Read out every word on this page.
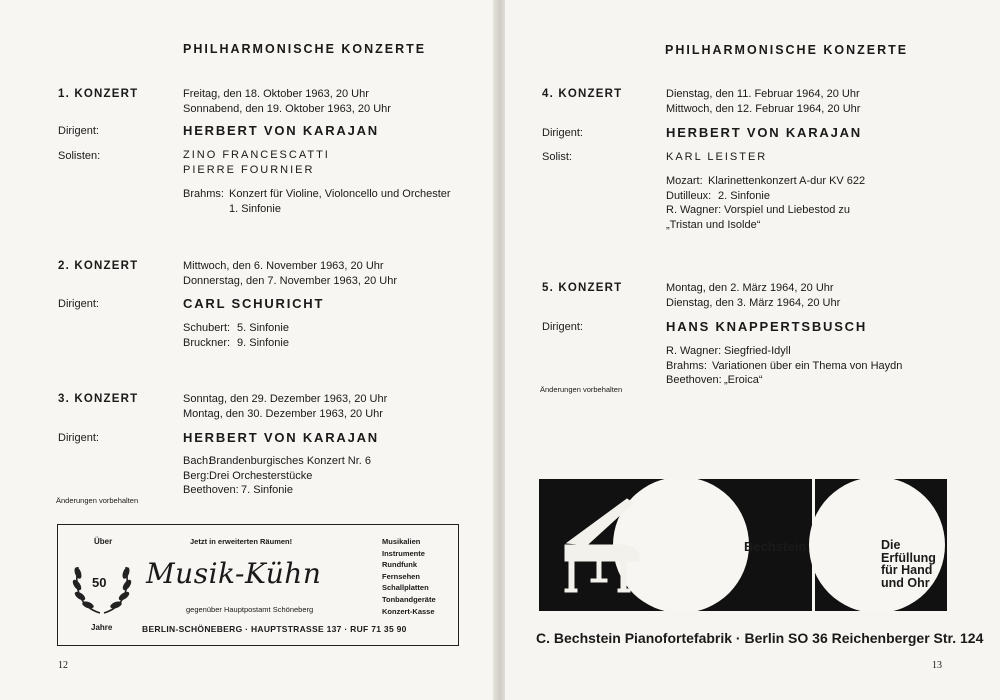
PHILHARMONISCHE KONZERTE
1. KONZERT	Freitag, den 18. Oktober 1963, 20 Uhr
Sonnabend, den 19. Oktober 1963, 20 Uhr
Dirigent:	HERBERT VON KARAJAN
Solisten:	ZINO FRANCESCATTI
PIERRE FOURNIER
Brahms: Konzert für Violine, Violoncello und Orchester
1. Sinfonie
2. KONZERT	Mittwoch, den 6. November 1963, 20 Uhr
Donnerstag, den 7. November 1963, 20 Uhr
Dirigent:	CARL SCHURICHT
Schubert: 5. Sinfonie
Bruckner: 9. Sinfonie
3. KONZERT	Sonntag, den 29. Dezember 1963, 20 Uhr
Montag, den 30. Dezember 1963, 20 Uhr
Dirigent:	HERBERT VON KARAJAN
Bach:Brandenburgisches Konzert Nr. 6
Berg:Drei Orchesterstücke
Beethoven: 7. Sinfonie
Änderungen vorbehalten
Über
50
Jahre
Jetzt in erweiterten Räumen!
Musik-Kühn
gegenüber Hauptpostamt Schöneberg
BERLIN-SCHÖNEBERG · HAUPTSTRASSE 137 · RUF 71 35 90
Musikalien
Instrumente
Rundfunk
Fernsehen
Schallplatten
Tonbandgeräte
Konzert-Kasse
12
PHILHARMONISCHE KONZERTE
4. KONZERT	Dienstag, den 11. Februar 1964, 20 Uhr
Mittwoch, den 12. Februar 1964, 20 Uhr
Dirigent:	HERBERT VON KARAJAN
Solist:	KARL LEISTER
Mozart: Klarinettenkonzert A-dur KV 622
Dutilleux: 2. Sinfonie
R. Wagner: Vorspiel und Liebestod zu
„Tristan und Isolde“
5. KONZERT	Montag, den 2. März 1964, 20 Uhr
Dienstag, den 3. März 1964, 20 Uhr
Dirigent:	HANS KNAPPERTSBUSCH
R. Wagner: Siegfried-Idyll
Brahms: Variationen über ein Thema von Haydn
Beethoven: „Eroica“
Änderungen vorbehalten
13
Bechstein	Die
Erfüllung
für Hand
und Ohr
C. Bechstein Pianofortefabrik · Berlin SO 36 Reichenberger Str. 124
